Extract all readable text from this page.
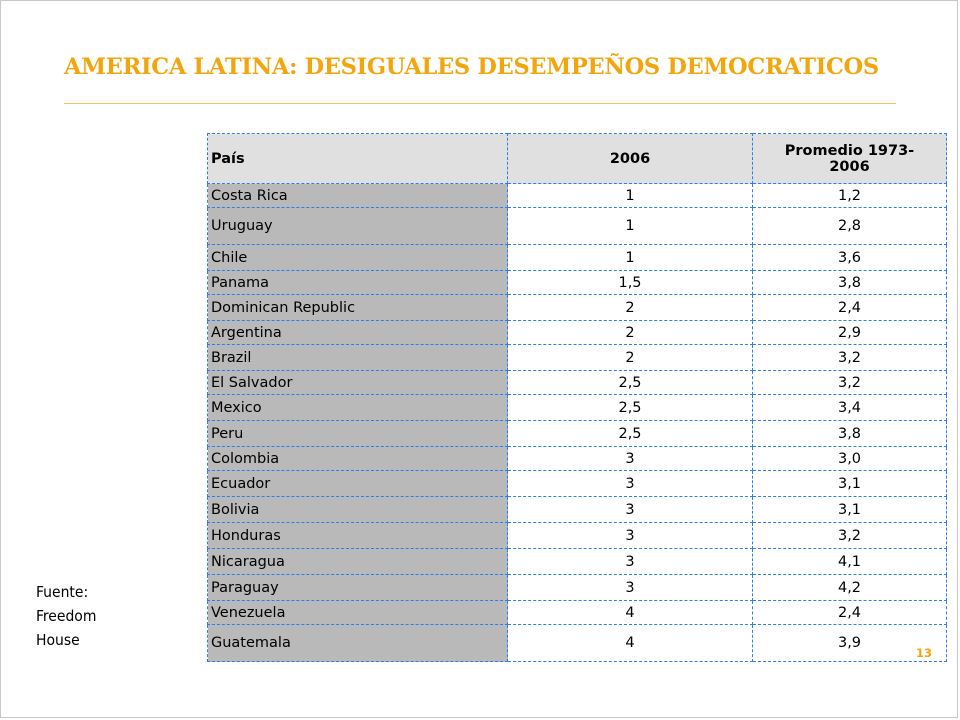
AMERICA LATINA: DESIGUALES DESEMPEÑOS DEMOCRATICOS
País	2006	Promedio 1973-
2006
Costa Rica	1	1,2
Uruguay	1	2,8
Chile	1	3,6
Panama	1,5	3,8
Dominican Republic	2	2,4
Argentina	2	2,9
Brazil	2	3,2
El Salvador	2,5	3,2
Mexico	2,5	3,4
Peru	2,5	3,8
Colombia	3	3,0
Ecuador	3	3,1
Bolivia	3	3,1
Honduras	3	3,2
Nicaragua	3	4,1
Paraguay	3	4,2
Venezuela	4	2,4
Guatemala	4	3,9
Fuente:
Freedom
House
13
